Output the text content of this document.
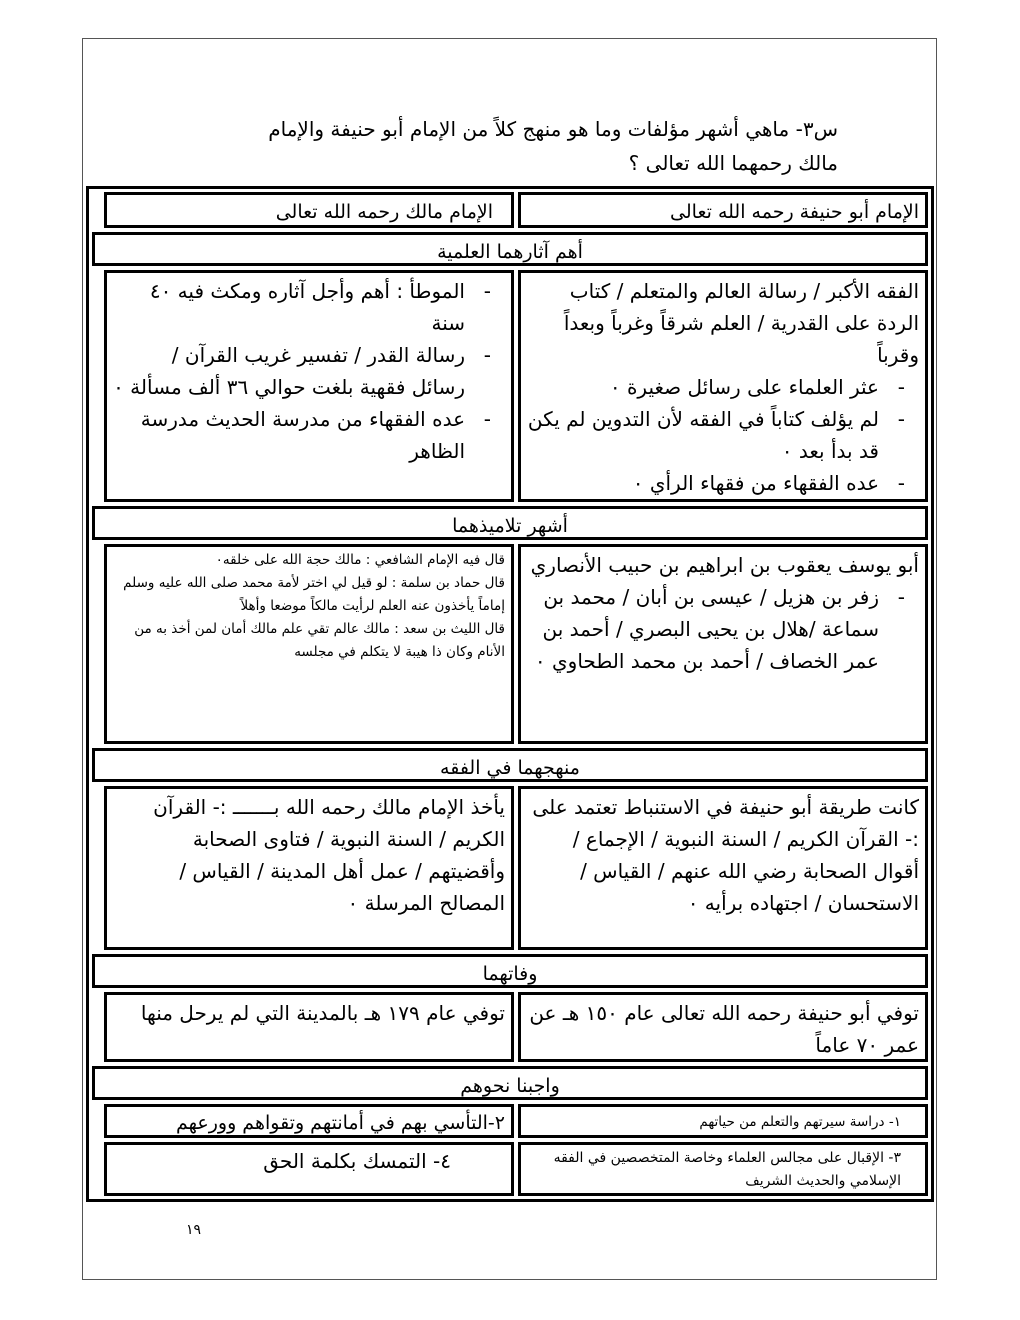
س٣- ماهي أشهر مؤلفات وما هو منهج كلاً من الإمام أبو حنيفة والإمام

مالك رحمهما الله تعالى ؟

الإمام أبو حنيفة رحمه الله تعالى
الإمام مالك رحمه الله تعالى
أهم آثارهما العلمية

الفقه الأكبر / رسالة العالم والمتعلم / كتاب الردة على القدرية / العلم شرقاً وغرباً وبعداً وقرباً

- عثر العلماء على رسائل صغيرة ٠
- لم يؤلف كتاباً في الفقه لأن التدوين لم يكن قد بدأ بعد ٠
- عده الفقهاء من فقهاء الرأي ٠
- الموطأ : أهم وأجل آثاره ومكث فيه ٤٠ سنة
- رسالة القدر / تفسير غريب القرآن / رسائل فقهية بلغت حوالي ٣٦ ألف مسألة ٠
- عده الفقهاء من مدرسة الحديث مدرسة الظاهر
أشهر تلاميذهما

أبو يوسف يعقوب بن ابراهيم بن حبيب الأنصاري

- زفر بن هزيل / عيسى بن أبان / محمد بن سماعة /هلال بن يحيى البصري / أحمد بن عمر الخصاف / أحمد بن محمد الطحاوي ٠

قال فيه الإمام الشافعي : مالك حجة الله على خلقه٠

قال حماد بن سلمة : لو قيل لي اختر لأمة محمد صلى الله عليه وسلم إماماً يأخذون عنه العلم لرأيت مالكاً موضعا وأهلاً

قال الليث بن سعد : مالك عالم تقي علم مالك أمان لمن أخذ به من الأنام وكان ذا هيبة لا يتكلم في مجلسه

منهجهما في الفقه
كانت طريقة أبو حنيفة في الاستنباط تعتمد على :- القرآن الكريم / السنة النبوية / الإجماع / أقوال الصحابة رضي الله عنهم / القياس / الاستحسان / اجتهاده برأيه ٠
يأخذ الإمام مالك رحمه الله بـــــــ :- القرآن الكريم / السنة النبوية / فتاوى الصحابة وأقضيتهم / عمل أهل المدينة / القياس / المصالح المرسلة ٠
وفاتهما
توفي أبو حنيفة رحمه الله تعالى عام ١٥٠ هـ عن عمر ٧٠ عاماً
توفي عام ١٧٩ هـ بالمدينة التي لم يرحل منها
واجبنا نحوهم
١- دراسة سيرتهم والتعلم من حياتهم
٢-التأسي بهم في أمانتهم وتقواهم وورعهم
٣- الإقبال على مجالس العلماء وخاصة المتخصصين في الفقه الإسلامي والحديث الشريف
٤- التمسك بكلمة الحق
١٩
